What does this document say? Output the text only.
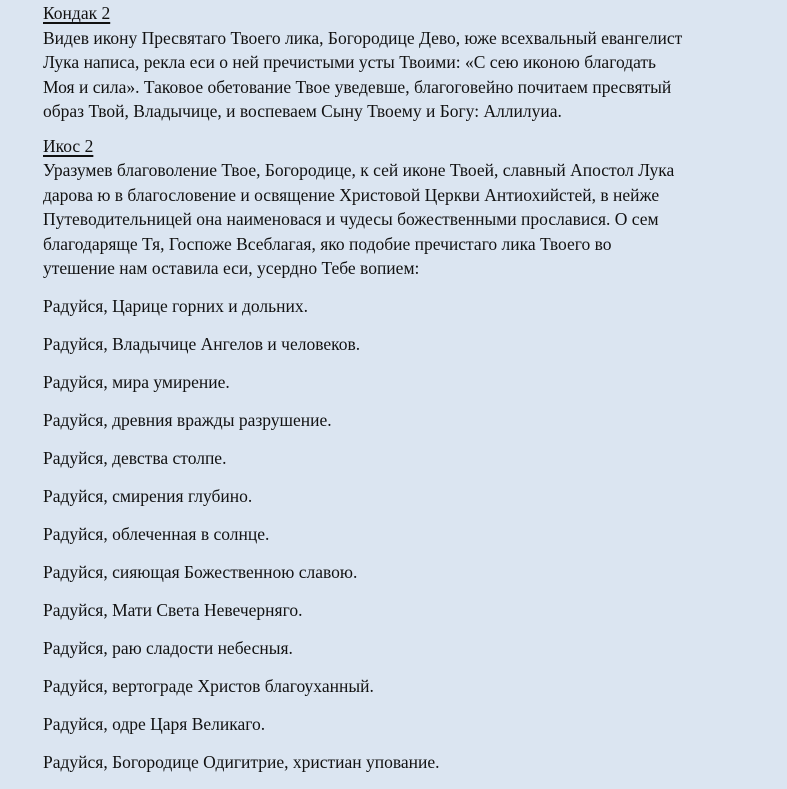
Кондак 2

Видев икону Пресвятаго Твоего лика, Богородице Дево, юже всехвальный евангелист
Лука написа, рекла еси о ней пречистыми усты Твоими: «С сею иконою благодать
Моя и сила». Таковое обетование Твое уведевше, благоговейно почитаем пресвятый
образ Твой, Владычице, и воспеваем Сыну Твоему и Богу: Аллилуиа.

Икос 2

Уразумев благоволение Твое, Богородице, к сей иконе Твоей, славный Апостол Лука
дарова ю в благословение и освящение Христовой Церкви Антиохийстей, в нейже
Путеводительницей она наименовася и чудесы божественными прославися. О сем
благодаряще Тя, Госпоже Всеблагая, яко подобие пречистаго лика Твоего во
утешение нам оставила еси, усердно Тебе вопием:

Радуйся, Царице горних и дольних.
Радуйся, Владычице Ангелов и человеков.
Радуйся, мира умирение.
Радуйся, древния вражды разрушение.
Радуйся, девства столпе.
Радуйся, смирения глубино.
Радуйся, облеченная в солнце.
Радуйся, сияющая Божественною славою.
Радуйся, Мати Света Невечерняго.
Радуйся, раю сладости небесныя.
Радуйся, вертограде Христов благоуханный.
Радуйся, одре Царя Великаго.
Радуйся, Богородице Одигитрие, христиан упование.
